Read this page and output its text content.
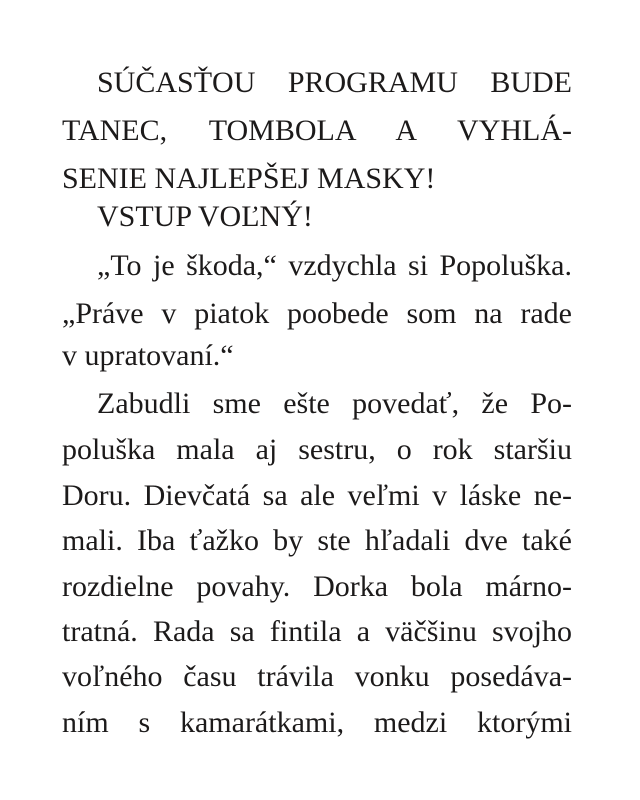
SÚČASŤOU PROGRAMU BUDE
TANEC, TOMBOLA A VYHLÁ-
SENIE NAJLEPŠEJ MASKY!
VSTUP VOĽNÝ!
„To je škoda,“ vzdychla si Popoluška.
„Práve v piatok poobede som na rade
v upratovaní.“
Zabudli sme ešte povedať, že Po-
poluška mala aj sestru, o rok staršiu
Doru. Dievčatá sa ale veľmi v láske ne-
mali. Iba ťažko by ste hľadali dve také
rozdielne povahy. Dorka bola márno-
tratná. Rada sa fintila a väčšinu svojho
voľného času trávila vonku posedáva-
ním s kamarátkami, medzi ktorými
